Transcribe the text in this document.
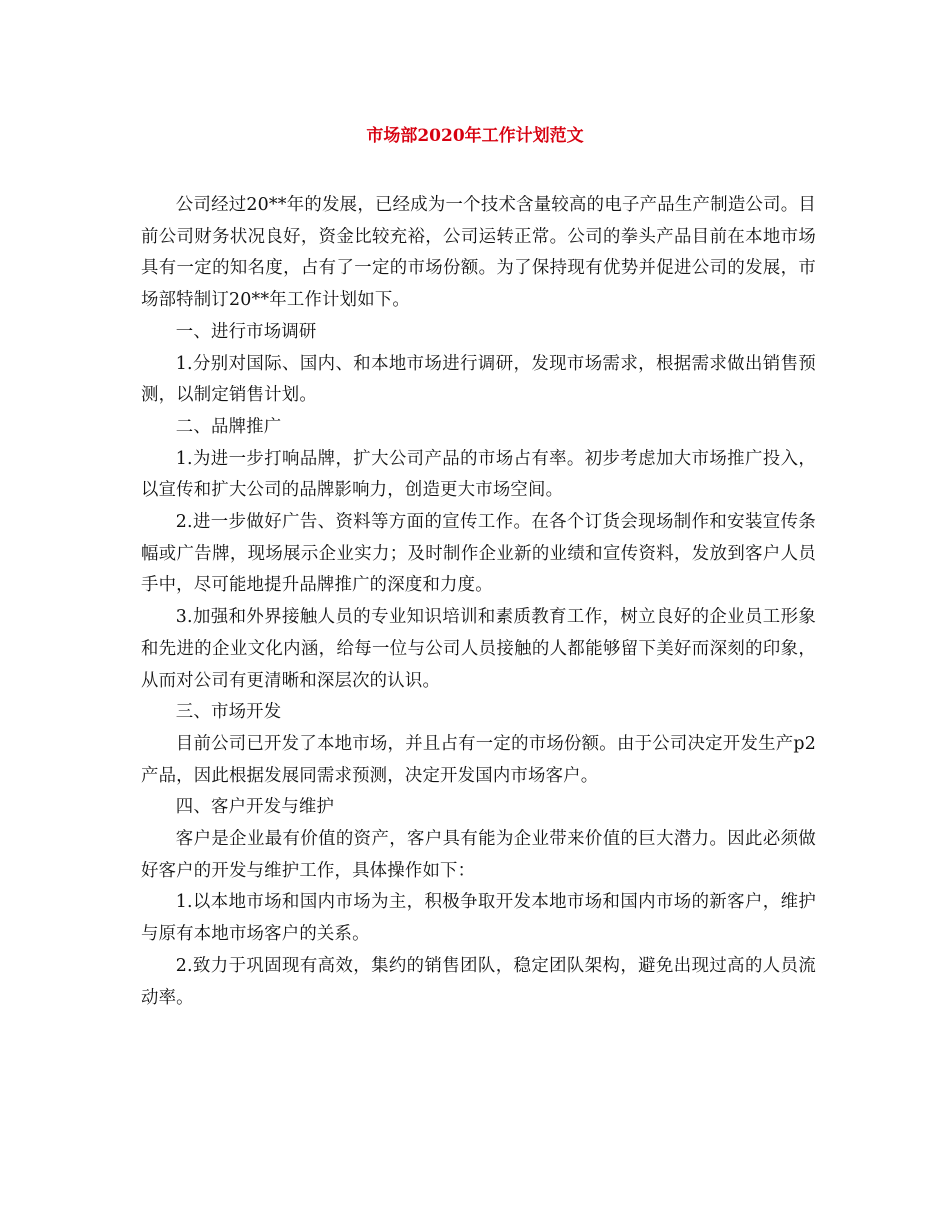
市场部2020年工作计划范文

公司经过20**年的发展，已经成为一个技术含量较高的电子产品生产制造公司。目前公司财务状况良好，资金比较充裕，公司运转正常。公司的拳头产品目前在本地市场具有一定的知名度，占有了一定的市场份额。为了保持现有优势并促进公司的发展，市场部特制订20**年工作计划如下。

一、进行市场调研

1.分别对国际、国内、和本地市场进行调研，发现市场需求，根据需求做出销售预测，以制定销售计划。

二、品牌推广

1.为进一步打响品牌，扩大公司产品的市场占有率。初步考虑加大市场推广投入，以宣传和扩大公司的品牌影响力，创造更大市场空间。

2.进一步做好广告、资料等方面的宣传工作。在各个订货会现场制作和安装宣传条幅或广告牌，现场展示企业实力；及时制作企业新的业绩和宣传资料，发放到客户人员手中，尽可能地提升品牌推广的深度和力度。

3.加强和外界接触人员的专业知识培训和素质教育工作，树立良好的企业员工形象和先进的企业文化内涵，给每一位与公司人员接触的人都能够留下美好而深刻的印象，从而对公司有更清晰和深层次的认识。

三、市场开发

目前公司已开发了本地市场，并且占有一定的市场份额。由于公司决定开发生产p2产品，因此根据发展同需求预测，决定开发国内市场客户。

四、客户开发与维护

客户是企业最有价值的资产，客户具有能为企业带来价值的巨大潜力。因此必须做好客户的开发与维护工作，具体操作如下：

1.以本地市场和国内市场为主，积极争取开发本地市场和国内市场的新客户，维护与原有本地市场客户的关系。

2.致力于巩固现有高效，集约的销售团队，稳定团队架构，避免出现过高的人员流动率。
